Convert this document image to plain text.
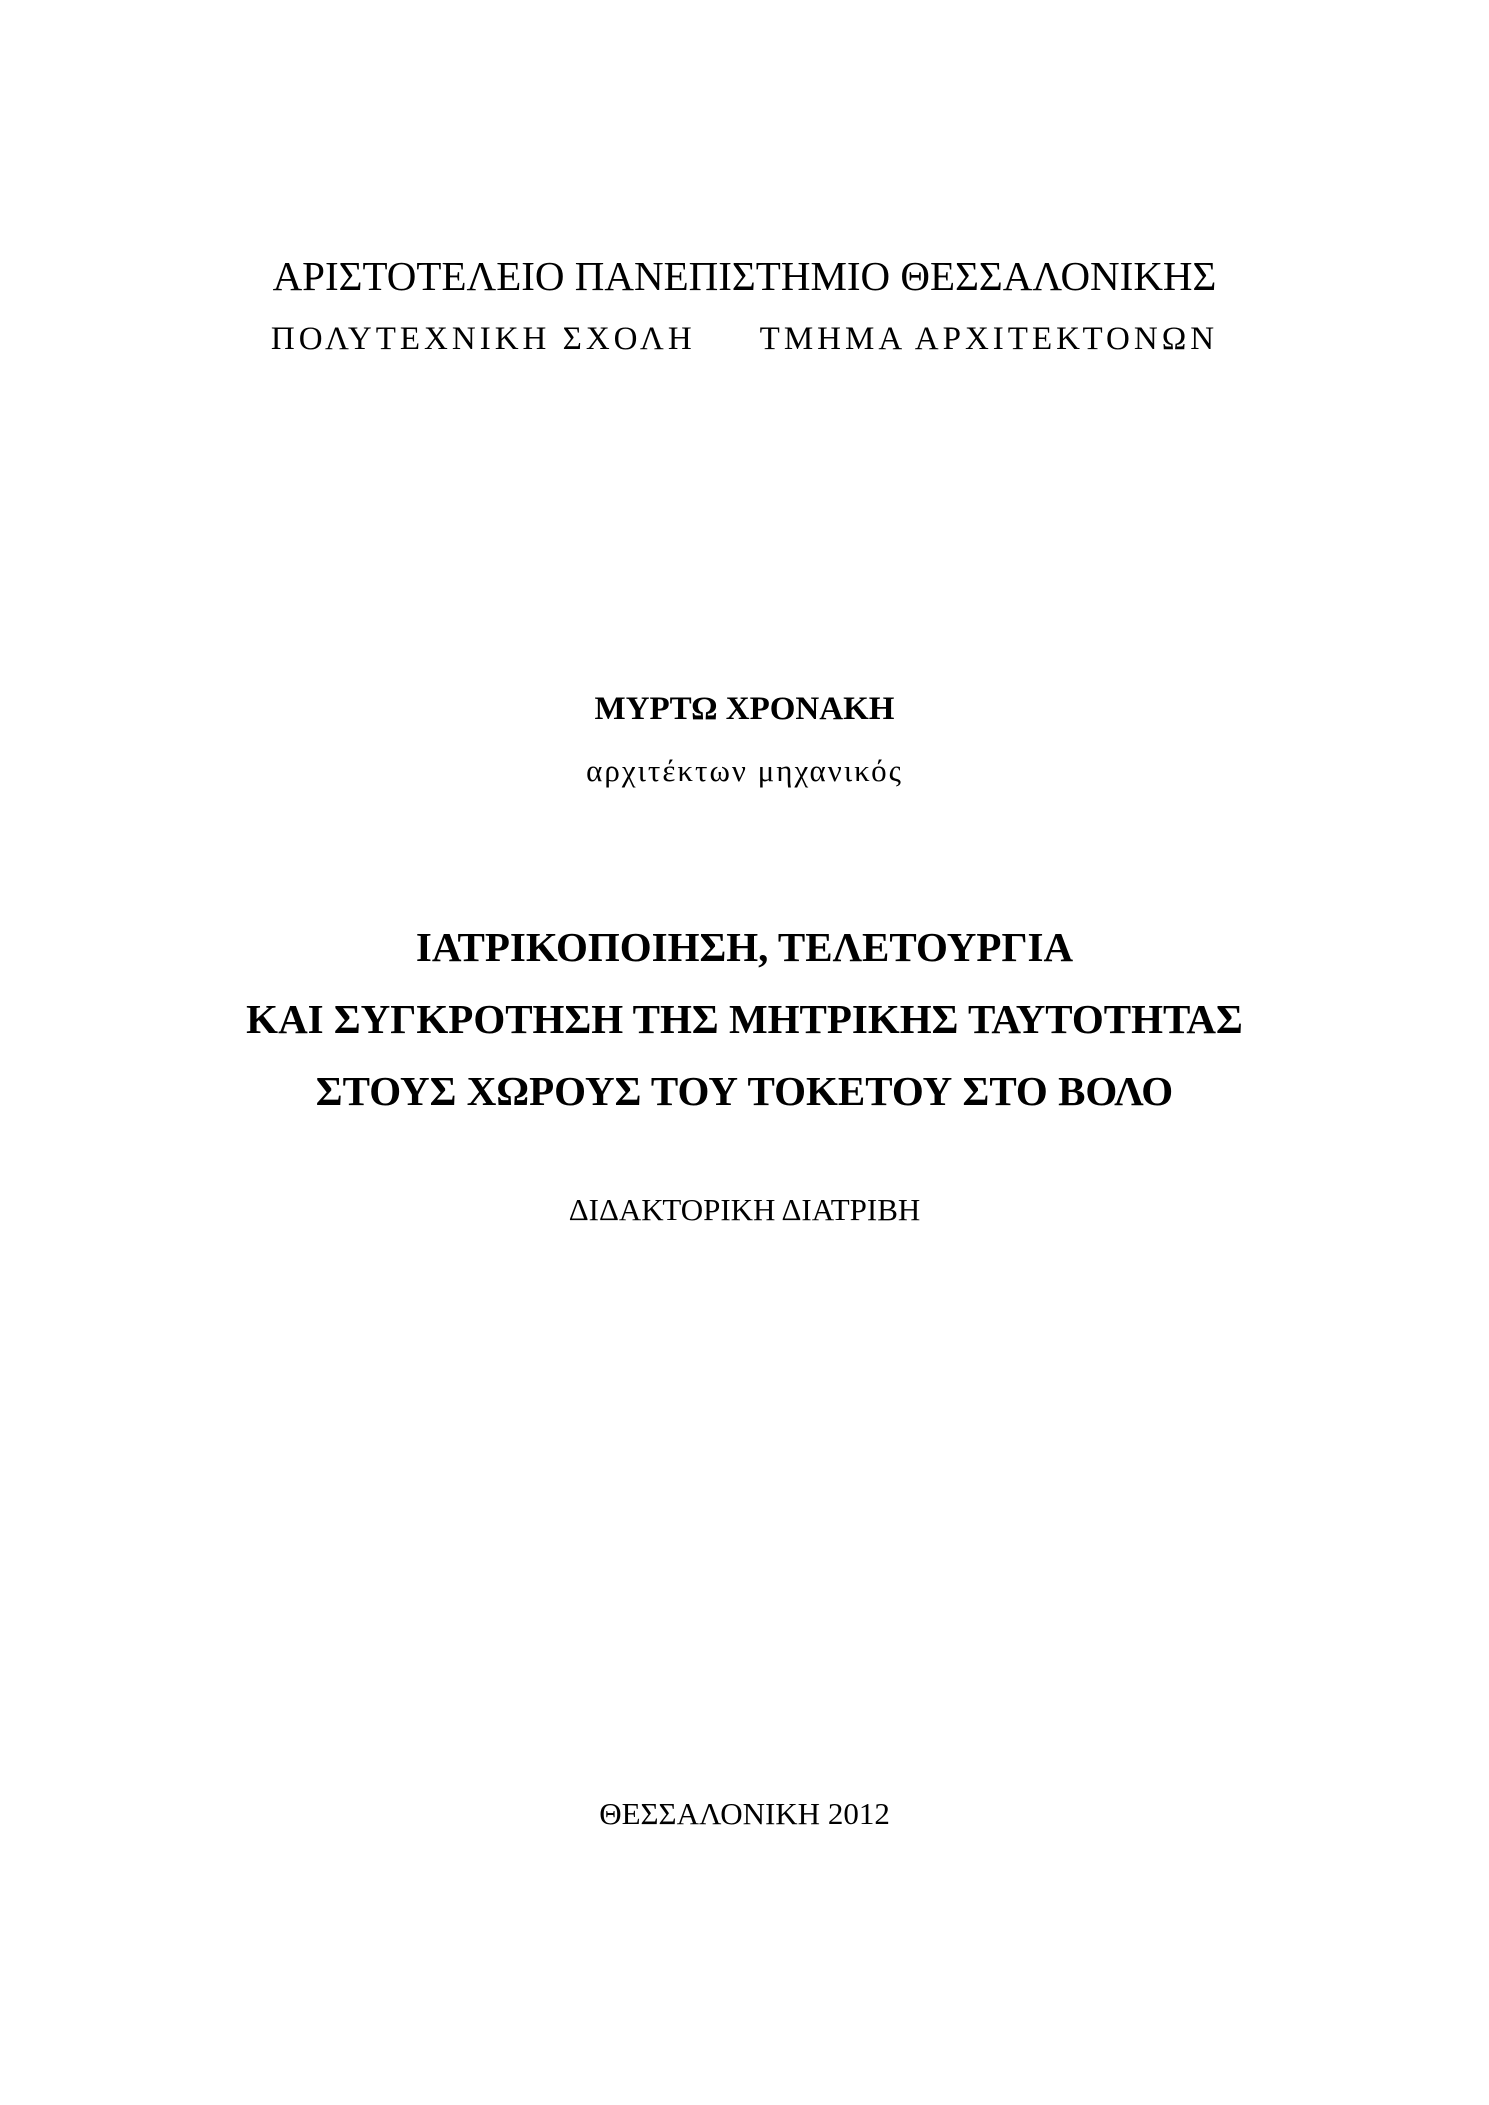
ΑΡΙΣΤΟΤΕΛΕΙΟ ΠΑΝΕΠΙΣΤΗΜΙΟ ΘΕΣΣΑΛΟΝΙΚΗΣ
ΠΟΛΥΤΕΧΝΙΚΗ ΣΧΟΛΗ ΤΜΗΜΑ ΑΡΧΙΤΕΚΤΟΝΩΝ
ΜΥΡΤΩ ΧΡΟΝΑΚΗ
αρχιτέκτων μηχανικός
ΙΑΤΡΙΚΟΠΟΙΗΣΗ, ΤΕΛΕΤΟΥΡΓΙΑ
ΚΑΙ ΣΥΓΚΡΟΤΗΣΗ ΤΗΣ ΜΗΤΡΙΚΗΣ ΤΑΥΤΟΤΗΤΑΣ
ΣΤΟΥΣ ΧΩΡΟΥΣ ΤΟΥ ΤΟΚΕΤΟΥ ΣΤΟ ΒΟΛΟ
ΔΙΔΑΚΤΟΡΙΚΗ ΔΙΑΤΡΙΒΗ
ΘΕΣΣΑΛΟΝΙΚΗ 2012
